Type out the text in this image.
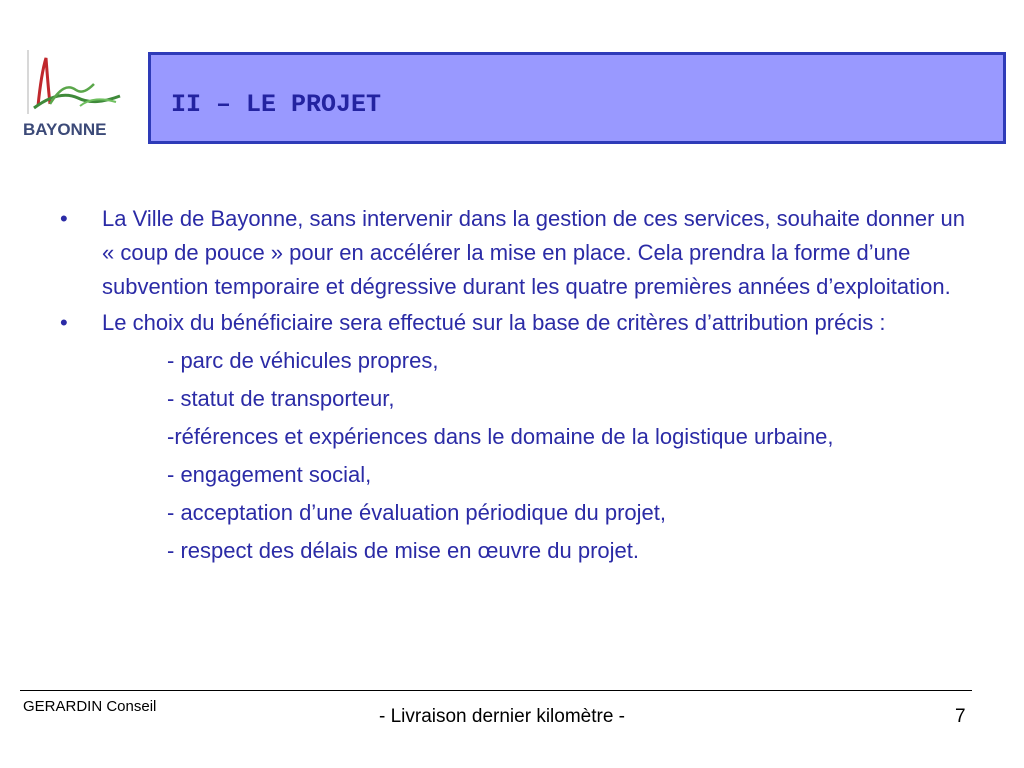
BAYONNE
II – LE PROJET
• La Ville de Bayonne, sans intervenir dans la gestion de ces services, souhaite donner un « coup de pouce » pour en accélérer la mise en place. Cela prendra la forme d’une subvention temporaire et dégressive durant les quatre premières années d’exploitation.
• Le choix du bénéficiaire sera effectué sur la base de critères d’attribution précis :
- parc de véhicules propres,
- statut de transporteur,
-références et expériences dans le domaine de la logistique urbaine,
- engagement social,
- acceptation d’une évaluation périodique du projet,
- respect des délais de mise en œuvre du projet.
GERARDIN Conseil	- Livraison dernier kilomètre -	7
